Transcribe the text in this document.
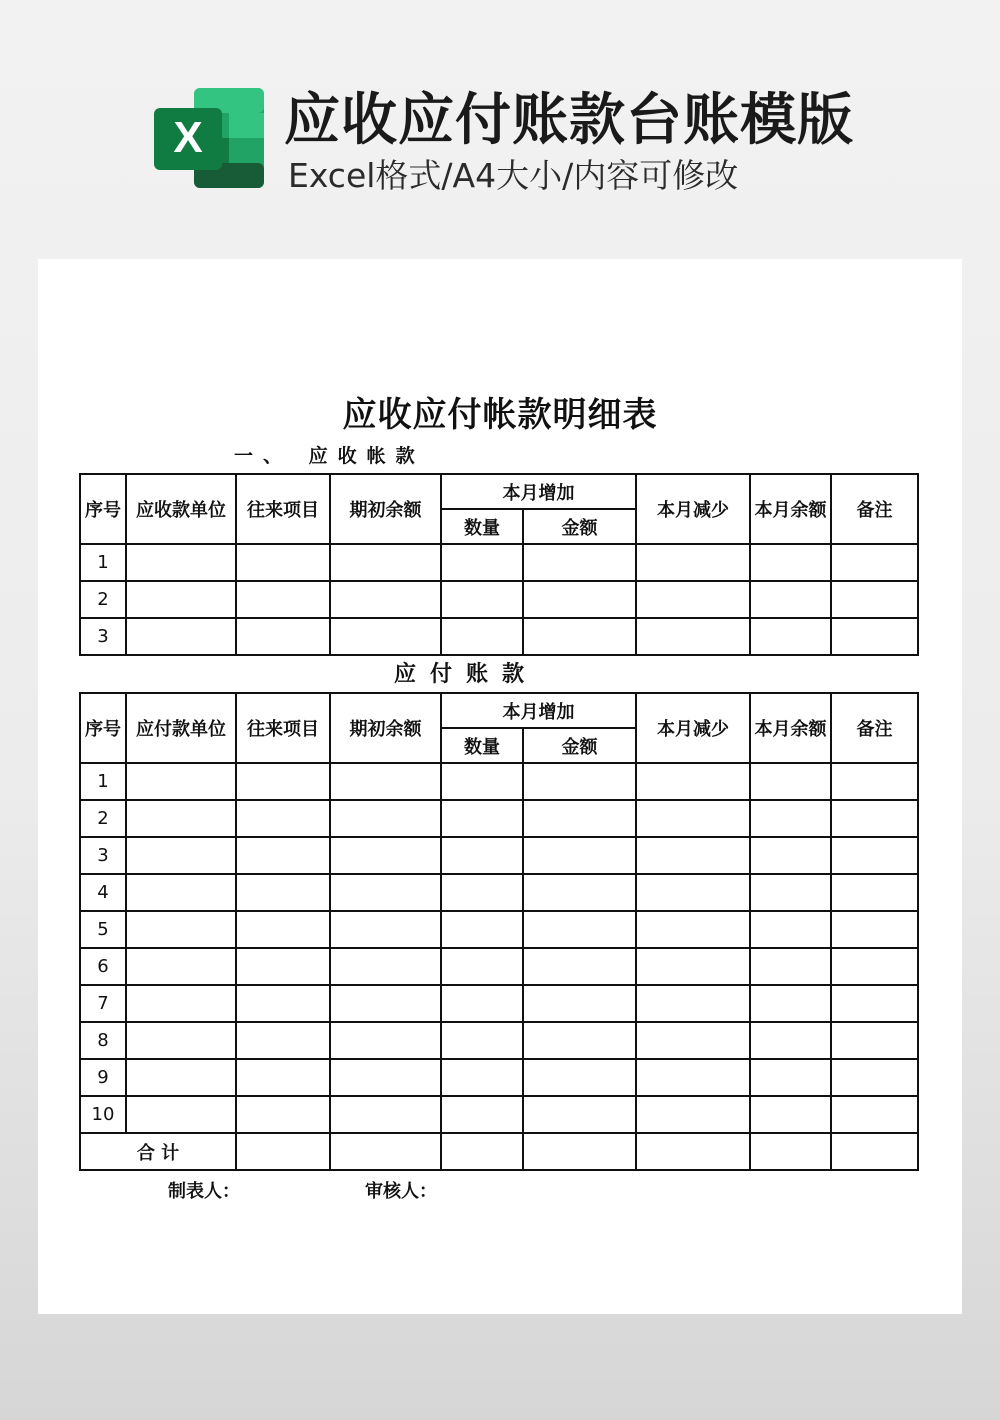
X 应收应付账款台账模版
Excel格式/A4大小/内容可修改
应收应付帐款明细表
一、 应收帐款
序号	应收款单位	往来项目	期初余额	本月增加		本月减少	本月余额	备注
				数量	金额			
1								
2								
3								
应付账款
序号	应付款单位	往来项目	期初余额	本月增加		本月减少	本月余额	备注
				数量	金额			
1								
2								
3								
4								
5								
6								
7								
8								
9								
10								
合 计								
制表人：	审核人：
